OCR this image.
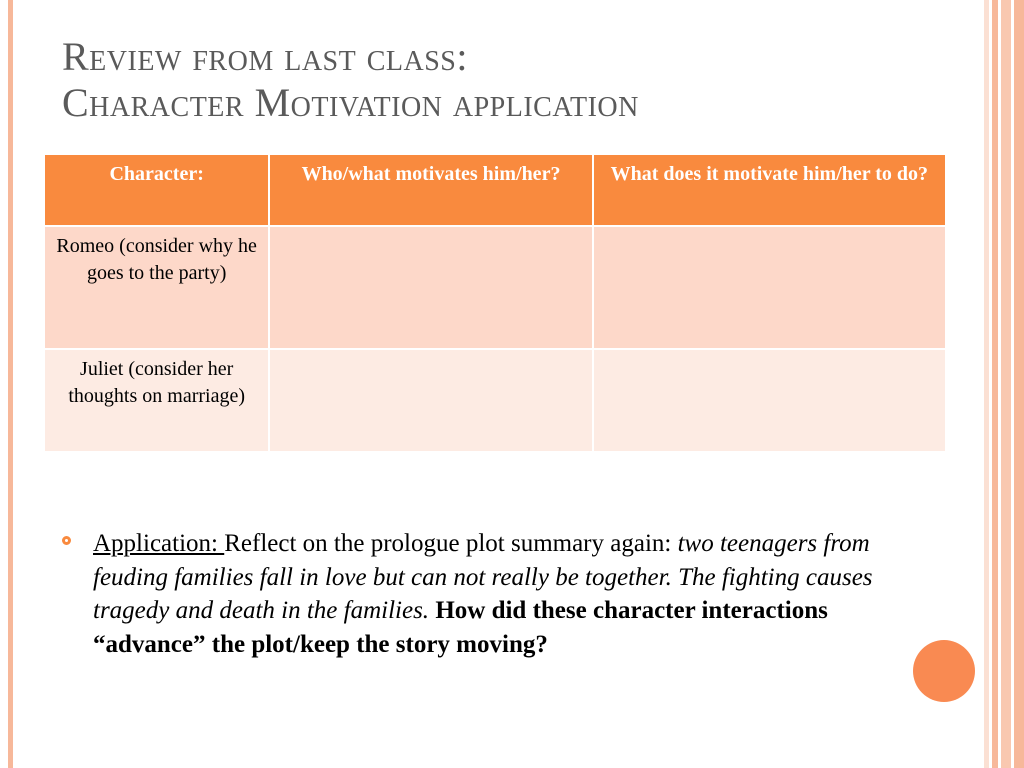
Review from last class:
Character Motivation application
Character:	Who/what motivates him/her?	What does it motivate him/her to do?
Romeo (consider why he goes to the party)		
Juliet (consider her thoughts on marriage)		
Application: Reflect on the prologue plot summary again: two teenagers from feuding families fall in love but can not really be together. The fighting causes tragedy and death in the families. How did these character interactions “advance” the plot/keep the story moving?
